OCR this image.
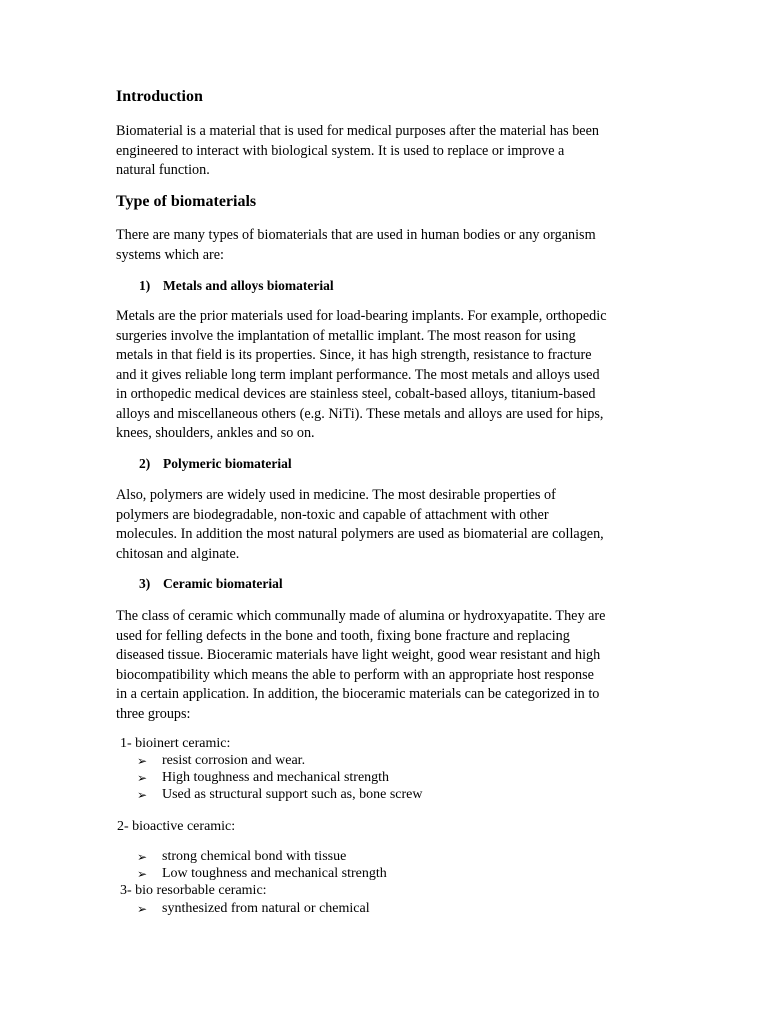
Introduction
Biomaterial is a material that is used for medical purposes after the material has been
engineered to interact with biological system. It is used to replace or improve a
natural function.
Type of biomaterials
There are many types of biomaterials that are used in human bodies or any organism
systems which are:
1) Metals and alloys biomaterial
Metals are the prior materials used for load-bearing implants. For example, orthopedic
surgeries involve the implantation of metallic implant. The most reason for using
metals in that field is its properties. Since, it has high strength, resistance to fracture
and it gives reliable long term implant performance. The most metals and alloys used
in orthopedic medical devices are stainless steel, cobalt-based alloys, titanium-based
alloys and miscellaneous others (e.g. NiTi). These metals and alloys are used for hips,
knees, shoulders, ankles and so on.
2) Polymeric biomaterial
Also, polymers are widely used in medicine. The most desirable properties of
polymers are biodegradable, non-toxic and capable of attachment with other
molecules. In addition the most natural polymers are used as biomaterial are collagen,
chitosan and alginate.
3) Ceramic biomaterial
The class of ceramic which communally made of alumina or hydroxyapatite. They are
used for felling defects in the bone and tooth, fixing bone fracture and replacing
diseased tissue. Bioceramic materials have light weight, good wear resistant and high
biocompatibility which means the able to perform with an appropriate host response
in a certain application. In addition, the bioceramic materials can be categorized in to
three groups:
1- bioinert ceramic:
➢ resist corrosion and wear.
➢ High toughness and mechanical strength
➢ Used as structural support such as, bone screw
2- bioactive ceramic:
➢ strong chemical bond with tissue
➢ Low toughness and mechanical strength
3- bio resorbable ceramic:
➢ synthesized from natural or chemical
